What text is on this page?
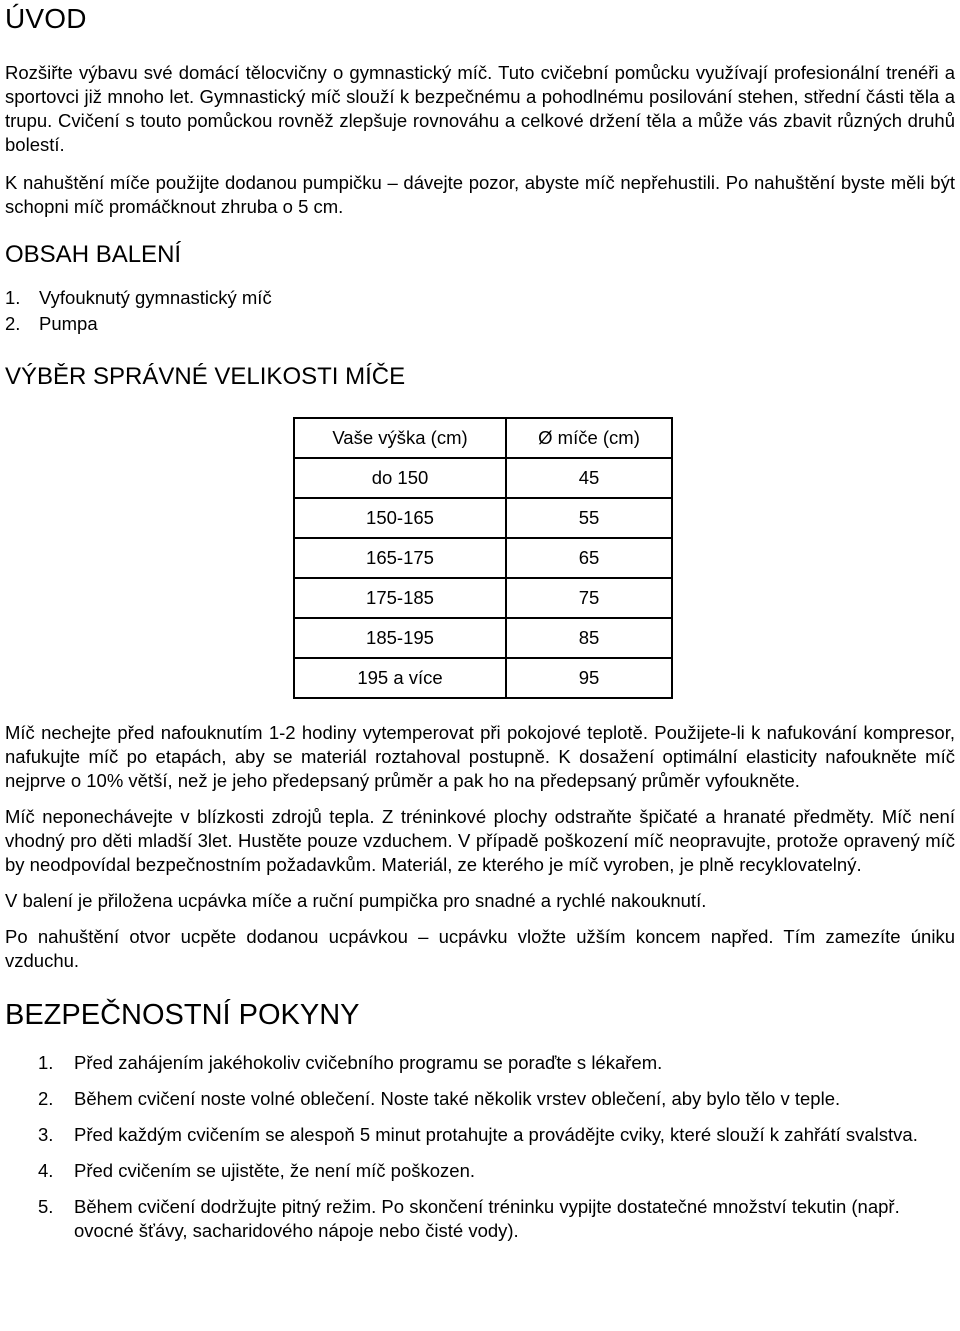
ÚVOD

Rozšiřte výbavu své domácí tělocvičny o gymnastický míč. Tuto cvičební pomůcku využívají profesionální trenéři a sportovci již mnoho let. Gymnastický míč slouží k bezpečnému a pohodlnému posilování stehen, střední části těla a trupu. Cvičení s touto pomůckou rovněž zlepšuje rovnováhu a celkové držení těla a může vás zbavit různých druhů bolestí.

K nahuštění míče použijte dodanou pumpičku – dávejte pozor, abyste míč nepřehustili. Po nahuštění byste měli být schopni míč promáčknout zhruba o 5 cm.

OBSAH BALENÍ
1.	Vyfouknutý gymnastický míč
2.	Pumpa
VÝBĚR SPRÁVNÉ VELIKOSTI MÍČE
Vaše výška (cm)	Ø míče (cm)
do 150	45
150-165	55
165-175	65
175-185	75
185-195	85
195 a více	95

Míč nechejte před nafouknutím 1-2 hodiny vytemperovat při pokojové teplotě. Použijete-li k nafukování kompresor, nafukujte míč po etapách, aby se materiál roztahoval postupně. K dosažení optimální elasticity nafoukněte míč nejprve o 10% větší, než je jeho předepsaný průměr a pak ho na předepsaný průměr vyfoukněte.

Míč neponechávejte v blízkosti zdrojů tepla. Z tréninkové plochy odstraňte špičaté a hranaté předměty. Míč není vhodný pro děti mladší 3let. Hustěte pouze vzduchem. V případě poškození míč neopravujte, protože opravený míč by neodpovídal bezpečnostním požadavkům. Materiál, ze kterého je míč vyroben, je plně recyklovatelný.

V balení je přiložena ucpávka míče a ruční pumpička pro snadné a rychlé nakouknutí.

Po nahuštění otvor ucpěte dodanou ucpávkou – ucpávku vložte užším koncem napřed. Tím zamezíte úniku vzduchu.

BEZPEČNOSTNÍ POKYNY
1.	Před zahájením jakéhokoliv cvičebního programu se poraďte s lékařem.
2.	Během cvičení noste volné oblečení. Noste také několik vrstev oblečení, aby bylo tělo v teple.
3.	Před každým cvičením se alespoň 5 minut protahujte a provádějte cviky, které slouží k zahřátí svalstva.
4.	Před cvičením se ujistěte, že není míč poškozen.
5.	Během cvičení dodržujte pitný režim. Po skončení tréninku vypijte dostatečné množství tekutin (např. ovocné šťávy, sacharidového nápoje nebo čisté vody).
